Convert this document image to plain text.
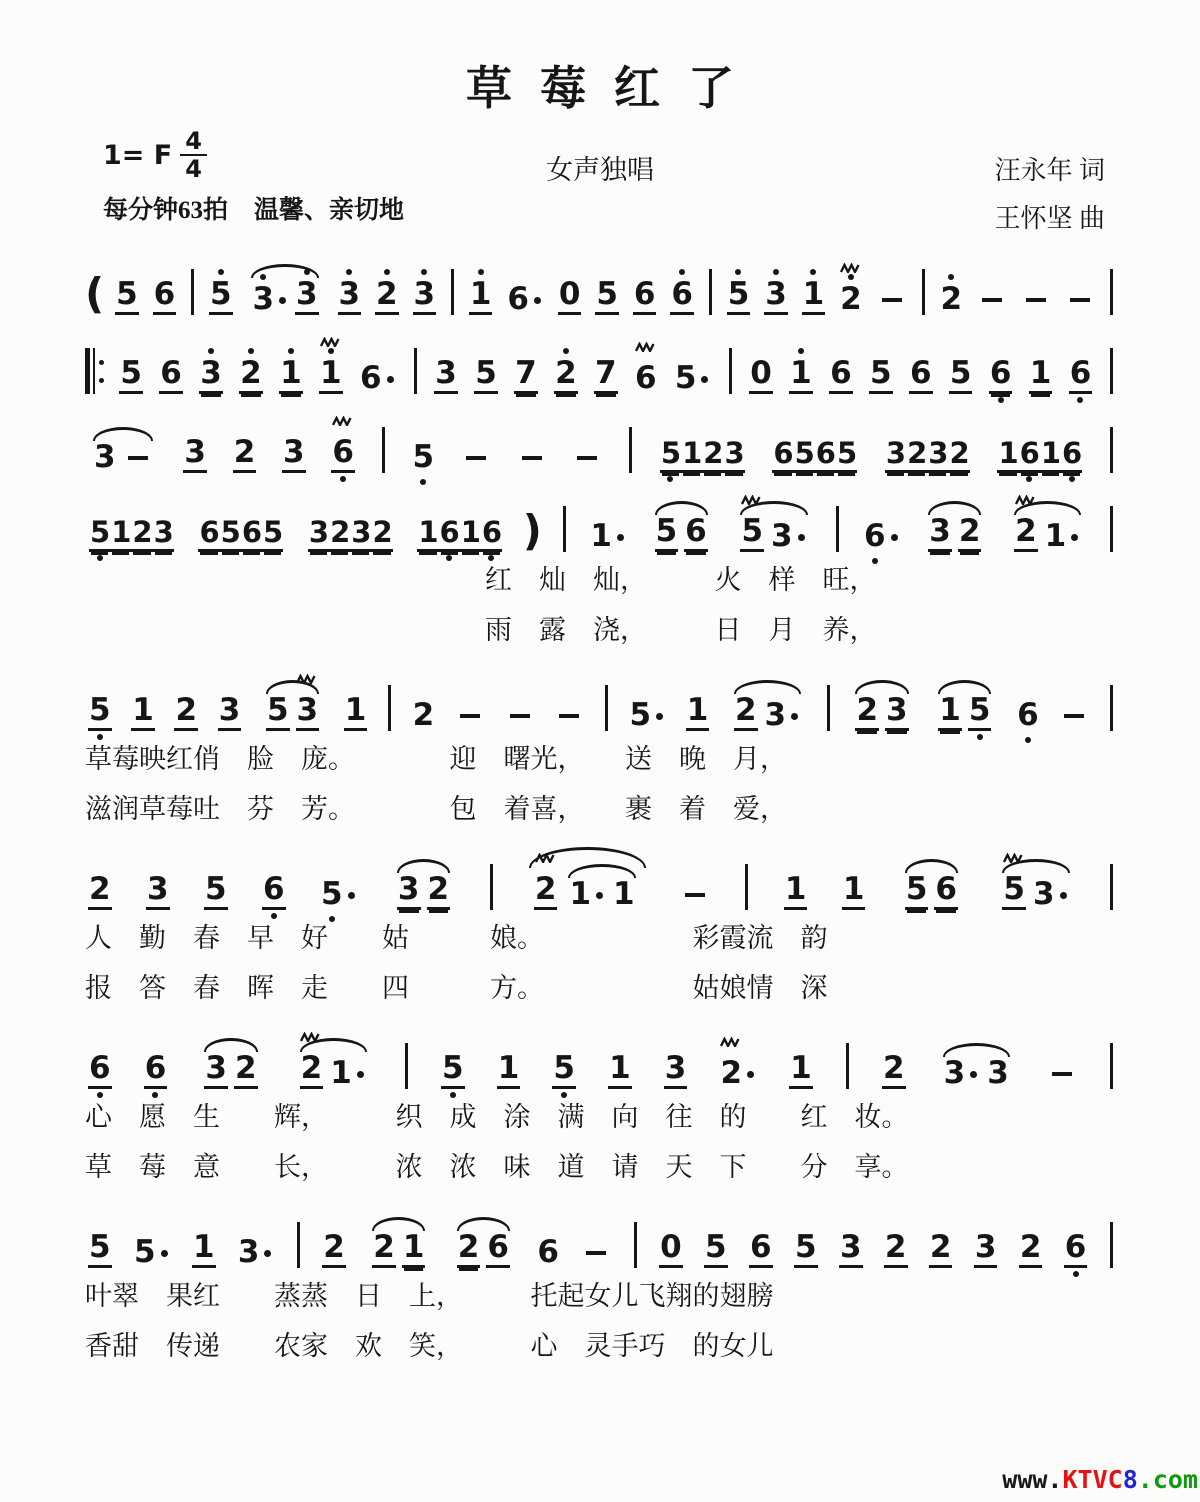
草莓红了
1= F $\frac{4}{4}$	女声独唱	汪永年 词
王怀坚 曲
每分钟63拍 温馨、亲切地
( 5 6 5 3 3 3 2 3 1 6 0 5 6 6 5 3 1 2	2
5 6 3 2 1 1 6 3 5 7 2 7 6 5 0 1 6 5 6 5 6 1 6
3 3 2 3 6 5	5 1 2 3 6 5 6 5 3 2 3 2 1 6 1 6
5 1 2 3 6 5 6 5 3 2 3 2 1 6 1 6 ) 1 5 6 5 3 6 3 2 2 1
红　灿　灿，　　　火　样　旺，
雨　露　浇，　　　日　月　养，
5 1 2 3 5 3 1 2	5 1 2 3 2 3 1 5 6
草莓映红俏　脸　庞。　　　　迎　曙光，　　送　晚　月，
滋润草莓吐　芬　芳。　　　　包　着喜，　　裹　着　爱，
2 3 5 6 5 3 2	2 1 1	1 1 5 6 5 3
人　勤　春　早　好　　姑　　　娘。　　　　　　彩霞流　韵
报　答　春　晖　走　　四　　　方。　　　　　　姑娘情　深
6 6 3 2 2 1	5 1 5 1 3 2 1 2 3 3
心　愿　生　　辉，　　　织　成　涂　满　向　往　的　　红　妆。
草　莓　意　　长，　　　浓　浓　味　道　请　天　下　　分　享。
5 5 1 3 2 2 1 2 6 6	0 5 6 5 3 2 2 3 2 6
叶翠　果红　　蒸蒸　日　上，　　　托起女儿飞翔的翅膀
香甜　传递　　农家　欢　笑，　　　心　灵手巧　的女儿
www.KTVC8.com
